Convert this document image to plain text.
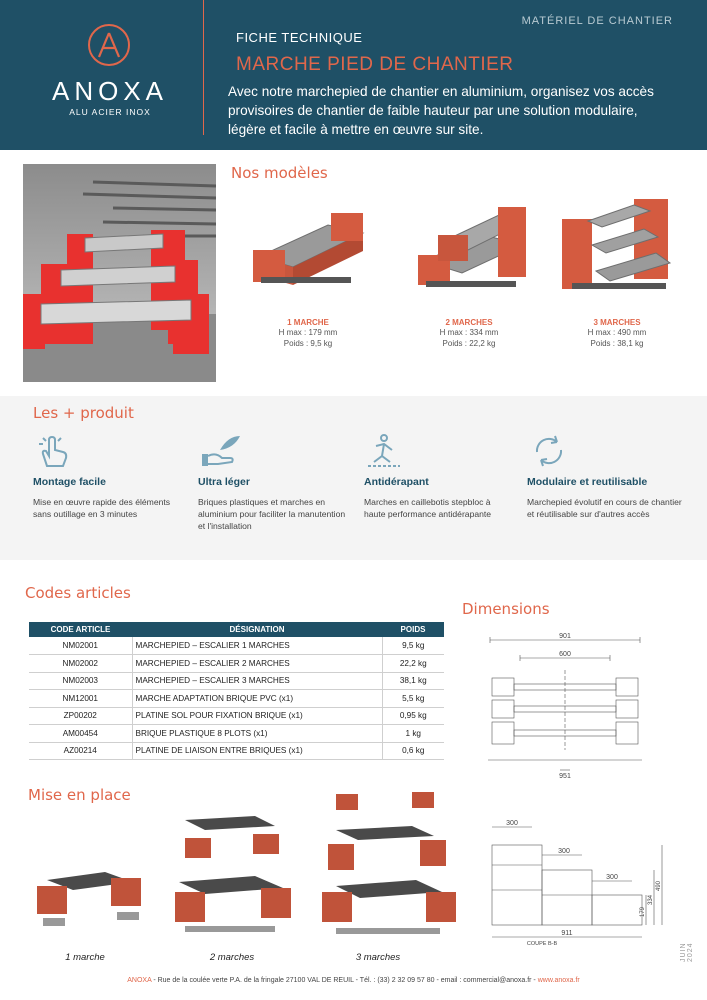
ANOXA
ALU ACIER INOX
MATÉRIEL DE CHANTIER
FICHE TECHNIQUE
MARCHE PIED DE CHANTIER
Avec notre marchepied de chantier en aluminium, organisez vos accès provisoires de chantier de faible hauteur par une solution modulaire, légère et facile à mettre en œuvre sur site.
Nos modèles
1 MARCHE
H max : 179 mm
Poids : 9,5 kg
2 MARCHES
H max : 334 mm
Poids : 22,2 kg
3 MARCHES
H max : 490 mm
Poids : 38,1 kg
Les + produit
Montage facile
Mise en œuvre rapide des éléments sans outillage en 3 minutes
Ultra léger
Briques plastiques et marches en aluminium pour faciliter la manutention et l'installation
Antidérapant
Marches en caillebotis stepbloc à haute performance antidérapante
Modulaire et reutilisable
Marchepied évolutif en cours de chantier et réutilisable sur d'autres accès
Codes articles
CODE ARTICLE	DÉSIGNATION	POIDS
NM02001	MARCHEPIED – ESCALIER 1 MARCHES	9,5 kg
NM02002	MARCHEPIED – ESCALIER 2 MARCHES	22,2 kg
NM02003	MARCHEPIED – ESCALIER 3 MARCHES	38,1 kg
NM12001	MARCHE ADAPTATION BRIQUE PVC (x1)	5,5 kg
ZP00202	PLATINE SOL POUR FIXATION BRIQUE (x1)	0,95 kg
AM00454	BRIQUE PLASTIQUE 8 PLOTS (x1)	1 kg
AZ00214	PLATINE DE LIAISON ENTRE BRIQUES (x1)	0,6 kg
Dimensions
901
600
951
300
300
300
911
COUPE B-B
179
334
490
Mise en place
1 marche	2 marches	3 marches
ANOXA - Rue de la coulée verte P.A. de la fringale 27100 VAL DE REUIL - Tél. : (33) 2 32 09 57 80 - email : commercial@anoxa.fr - www.anoxa.fr
JUIN 2024
